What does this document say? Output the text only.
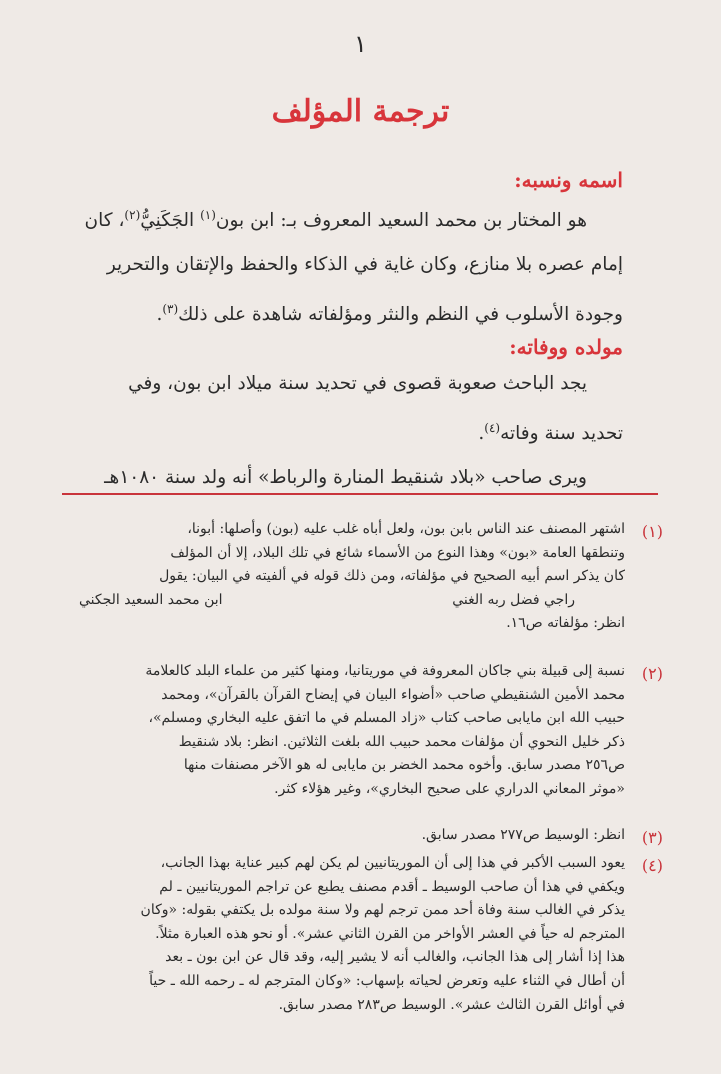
١
ترجمة المؤلف
اسمه ونسبه:
هو المختار بن محمد السعيد المعروف بـ: ابن بون$^{(١)}$ الجَكَنِيُّ$^{(٢)}$، كان
إمام عصره بلا منازع، وكان غاية في الذكاء والحفظ والإتقان والتحرير
وجودة الأسلوب في النظم والنثر ومؤلفاته شاهدة على ذلك$^{(٣)}$.
مولده ووفاته:
يجد الباحث صعوبة قصوى في تحديد سنة ميلاد ابن بون، وفي
تحديد سنة وفاته$^{(٤)}$.
ويرى صاحب «بلاد شنقيط المنارة والرباط» أنه ولد سنة ١٠٨٠هـ
(١)
اشتهر المصنف عند الناس بابن بون، ولعل أباه غلب عليه (بون) وأصلها: أبونا،
وتنطقها العامة «بون» وهذا النوع من الأسماء شائع في تلك البلاد، إلا أن المؤلف
كان يذكر اسم أبيه الصحيح في مؤلفاته، ومن ذلك قوله في ألفيته في البيان: يقول
راجي فضل ربه الغني
ابن محمد السعيد الجكني
انظر: مؤلفاته ص١٦.
(٢)
نسبة إلى قبيلة بني جاكان المعروفة في موريتانيا، ومنها كثير من علماء البلد كالعلامة
محمد الأمين الشنقيطي صاحب «أضواء البيان في إيضاح القرآن بالقرآن»، ومحمد
حبيب الله ابن مايابى صاحب كتاب «زاد المسلم في ما اتفق عليه البخاري ومسلم»،
ذكر خليل النحوي أن مؤلفات محمد حبيب الله بلغت الثلاثين. انظر: بلاد شنقيط
ص٢٥٦ مصدر سابق. وأخوه محمد الخضر بن مايابى له هو الآخر مصنفات منها
«موثر المعاني الدراري على صحيح البخاري»، وغير هؤلاء كثر.
(٣)
انظر: الوسيط ص٢٧٧ مصدر سابق.
(٤)
يعود السبب الأكبر في هذا إلى أن الموريتانيين لم يكن لهم كبير عناية بهذا الجانب،
ويكفي في هذا أن صاحب الوسيط ـ أقدم مصنف يطبع عن تراجم الموريتانيين ـ لم
يذكر في الغالب سنة وفاة أحد ممن ترجم لهم ولا سنة مولده بل يكتفي بقوله: «وكان
المترجم له حياً في العشر الأواخر من القرن الثاني عشر». أو نحو هذه العبارة مثلاً.
هذا إذا أشار إلى هذا الجانب، والغالب أنه لا يشير إليه، وقد قال عن ابن بون ـ بعد
أن أطال في الثناء عليه وتعرض لحياته بإسهاب: «وكان المترجم له ـ رحمه الله ـ حياً
في أوائل القرن الثالث عشر». الوسيط ص٢٨٣ مصدر سابق.
